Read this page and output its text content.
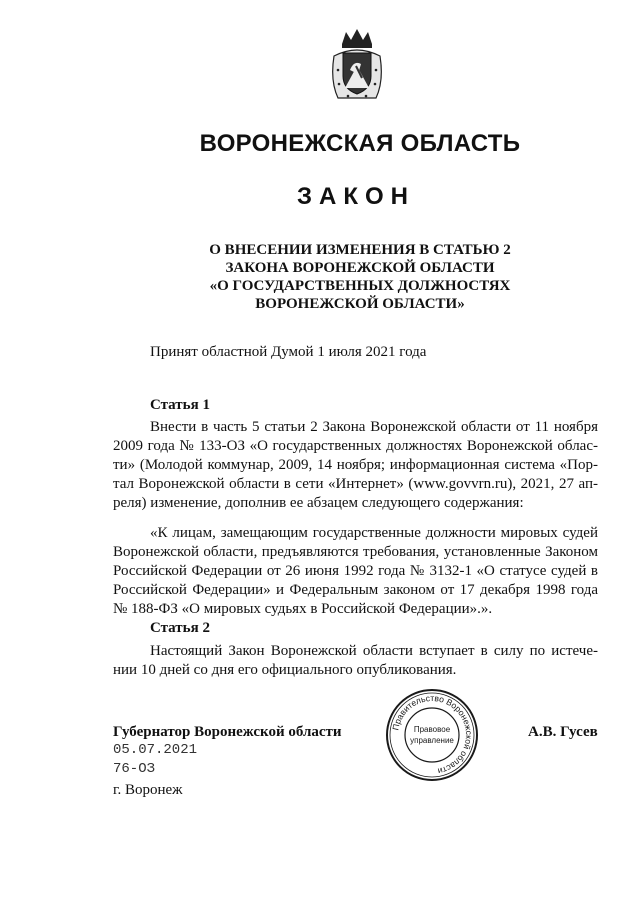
ВОРОНЕЖСКАЯ ОБЛАСТЬ
ЗАКОН
О ВНЕСЕНИИ ИЗМЕНЕНИЯ В СТАТЬЮ 2
ЗАКОНА ВОРОНЕЖСКОЙ ОБЛАСТИ
«О ГОСУДАРСТВЕННЫХ ДОЛЖНОСТЯХ
ВОРОНЕЖСКОЙ ОБЛАСТИ»
Принят областной Думой 1 июля 2021 года
Статья 1
Внести в часть 5 статьи 2 Закона Воронежской области от 11 ноября
2009 года № 133-ОЗ «О государственных должностях Воронежской облас-
ти» (Молодой коммунар, 2009, 14 ноября; информационная система «Пор-
тал Воронежской области в сети «Интернет» (www.govvrn.ru), 2021, 27 ап-
реля) изменение, дополнив ее абзацем следующего содержания:
«К лицам, замещающим государственные должности мировых судей
Воронежской области, предъявляются требования, установленные Законом
Российской Федерации от 26 июня 1992 года № 3132-1 «О статусе судей в
Российской Федерации» и Федеральным законом от 17 декабря 1998 года
№ 188-ФЗ «О мировых судьях в Российской Федерации».».
Статья 2
Настоящий Закон Воронежской области вступает в силу по истече-
нии 10 дней со дня его официального опубликования.
Губернатор Воронежской области
05.07.2021
76-ОЗ
г. Воронеж
А.В. Гусев
Правительство Воронежской области
Правовое
управление
